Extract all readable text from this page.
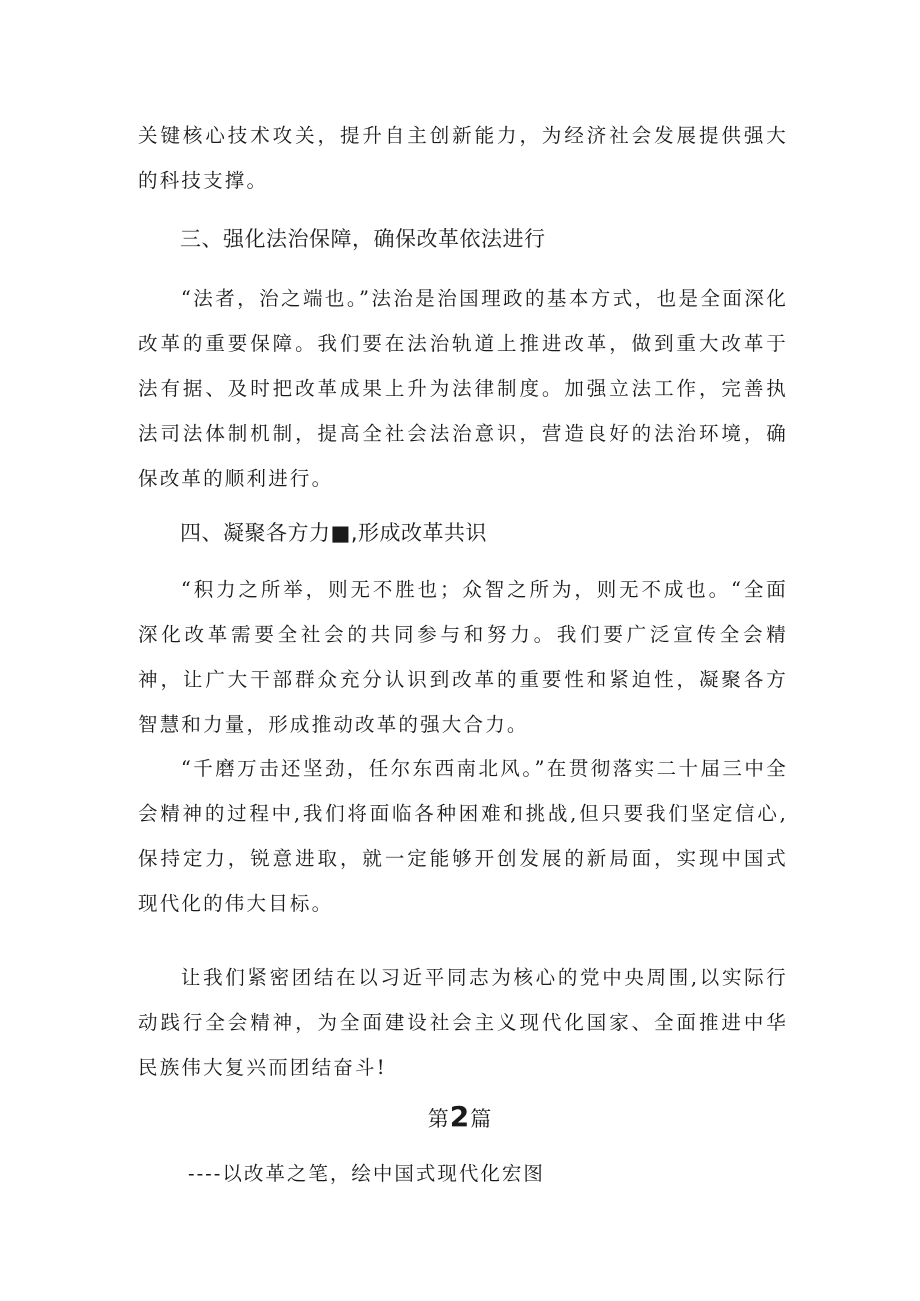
关键核心技术攻关，提升自主创新能力，为经济社会发展提供强大的科技支撑。

三、强化法治保障，确保改革依法进行

“法者，治之端也。”法治是治国理政的基本方式，也是全面深化改革的重要保障。我们要在法治轨道上推进改革，做到重大改革于法有据、及时把改革成果上升为法律制度。加强立法工作，完善执法司法体制机制，提高全社会法治意识，营造良好的法治环境，确保改革的顺利进行。

四、凝聚各方力■,形成改革共识

“积力之所举，则无不胜也；众智之所为，则无不成也。“全面深化改革需要全社会的共同参与和努力。我们要广泛宣传全会精神，让广大干部群众充分认识到改革的重要性和紧迫性，凝聚各方智慧和力量，形成推动改革的强大合力。

“千磨万击还坚劲，任尔东西南北风。”在贯彻落实二十届三中全会精神的过程中,我们将面临各种困难和挑战,但只要我们坚定信心,保持定力，锐意进取，就一定能够开创发展的新局面，实现中国式现代化的伟大目标。

让我们紧密团结在以习近平同志为核心的党中央周围,以实际行动践行全会精神，为全面建设社会主义现代化国家、全面推进中华民族伟大复兴而团结奋斗!

第2篇

----以改革之笔，绘中国式现代化宏图
